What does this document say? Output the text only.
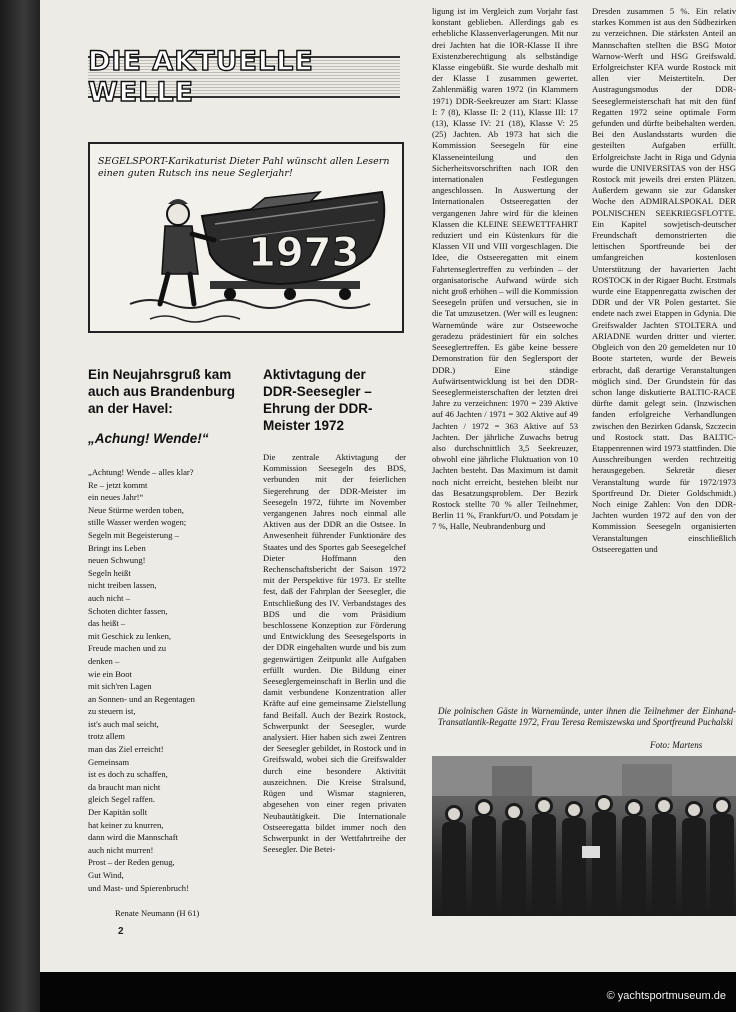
DIE AKTUELLE WELLE
SEGELSPORT-Karikaturist Dieter Pahl wünscht allen Lesern einen guten Rutsch ins neue Seglerjahr!
1973
Ein Neujahrsgruß kam auch aus Brandenburg an der Havel:
„Achung! Wende!“
„Achtung! Wende – alles klar?
Re – jetzt kommt
ein neues Jahr!“
Neue Stürme werden toben,
stille Wasser werden wogen;
Segeln mit Begeisterung –
Bringt ins Leben
neuen Schwung!
Segeln heißt
nicht treiben lassen,
auch nicht –
Schoten dichter fassen,
das heißt –
mit Geschick zu lenken,
Freude machen und zu
denken –
wie ein Boot
mit sich'ren Lagen
an Sonnen- und an Regentagen
zu steuern ist,
ist's auch mal seicht,
trotz allem
man das Ziel erreicht!
Gemeinsam
ist es doch zu schaffen,
da braucht man nicht
gleich Segel raffen.
Der Kapitän sollt
hat keiner zu knurren,
dann wird die Mannschaft
auch nicht murren!
Prost – der Reden genug,
Gut Wind,
und Mast- und Spierenbruch!
Renate Neumann (H 61)
Aktivtagung der DDR-Seesegler – Ehrung der DDR-Meister 1972
Die zentrale Aktivtagung der Kommission Seesegeln des BDS, verbunden mit der feierlichen Siegerehrung der DDR-Meister im Seesegeln 1972, führte im November vergangenen Jahres noch einmal alle Aktiven aus der DDR an die Ostsee. In Anwesenheit führender Funktionäre des Staates und des Sportes gab Seesegelchef Dieter Hoffmann den Rechenschaftsbericht der Saison 1972 mit der Perspektive für 1973. Er stellte fest, daß der Fahrplan der Seesegler, die Entschließung des IV. Verbandstages des BDS und die vom Präsidium beschlossene Konzeption zur Förderung und Entwicklung des Seesegelsports in der DDR eingehalten wurde und bis zum gegenwärtigen Zeitpunkt alle Aufgaben erfüllt wurden. Die Bildung einer Seeseglergemeinschaft in Berlin und die damit verbundene Konzentration aller Kräfte auf eine gemeinsame Zielstellung fand Beifall. Auch der Bezirk Rostock, Schwerpunkt der Seesegler, wurde analysiert. Hier haben sich zwei Zentren der Seesegler gebildet, in Rostock und in Greifswald, wobei sich die Greifswalder durch eine besondere Aktivität auszeichnen. Die Kreise Stralsund, Rügen und Wismar stagnieren, abgesehen von einer regen privaten Neubautätigkeit. Die Internationale Ostseeregatta bildet immer noch den Schwerpunkt in der Wettfahrtreihe der Seesegler. Die Betei-
ligung ist im Vergleich zum Vorjahr fast konstant geblieben. Allerdings gab es erhebliche Klassenverlagerungen. Mit nur drei Jachten hat die IOR-Klasse II ihre Existenzberechtigung als selbständige Klasse eingebüßt. Sie wurde deshalb mit der Klasse I zusammen gewertet. Zahlenmäßig waren 1972 (in Klammern 1971) DDR-Seekreuzer am Start: Klasse I: 7 (8), Klasse II: 2 (11), Klasse III: 17 (13), Klasse IV: 21 (18), Klasse V: 25 (25) Jachten. Ab 1973 hat sich die Kommission Seesegeln für eine Klasseneinteilung und den Sicherheitsvorschriften nach IOR den internationalen Festlegungen angeschlossen. In Auswertung der Internationalen Ostseeregatten der vergangenen Jahre wird für die kleinen Klassen die KLEINE SEEWETTFAHRT reduziert und ein Küstenkurs für die Klassen VII und VIII vorgeschlagen. Die Idee, die Ostseeregatten mit einem Fahrtenseglertreffen zu verbinden – der organisatorische Aufwand würde sich nicht groß erhöhen – will die Kommission Seesegeln prüfen und versuchen, sie in die Tat umzusetzen. (Wer will es leugnen: Warnemünde wäre zur Ostseewoche geradezu prädestiniert für ein solches Seeseglertreffen. Es gäbe keine bessere Demonstration für den Seglersport der DDR.) Eine ständige Aufwärtsentwicklung ist bei den DDR-Seeseglermeisterschaften der letzten drei Jahre zu verzeichnen: 1970 = 239 Aktive auf 46 Jachten / 1971 = 302 Aktive auf 49 Jachten / 1972 = 363 Aktive auf 53 Jachten. Der jährliche Zuwachs betrug also durchschnittlich 3,5 Seekreuzer, obwohl eine jährliche Fluktuation von 10 Jachten besteht. Das Maximum ist damit noch nicht erreicht, bestehen bleibt nur das Besatzungsproblem. Der Bezirk Rostock stellte 70 % aller Teilnehmer, Berlin 11 %, Frankfurt/O. und Potsdam je 7 %, Halle, Neubrandenburg und
Dresden zusammen 5 %. Ein relativ starkes Kommen ist aus den Südbezirken zu verzeichnen. Die stärksten Anteil an Mannschaften stellten die BSG Motor Warnow-Werft und HSG Greifswald. Erfolgreichster KFA wurde Rostock mit allen vier Meistertiteln. Der Austragungsmodus der DDR-Seeseglermeisterschaft hat mit den fünf Regatten 1972 seine optimale Form gefunden und dürfte beibehalten werden. Bei den Auslandsstarts wurden die gesteilten Aufgaben erfüllt. Erfolgreichste Jacht in Riga und Gdynia wurde die UNIVERSITAS von der HSG Rostock mit jeweils drei ersten Plätzen. Außerdem gewann sie zur Gdansker Woche den ADMIRALSPOKAL DER POLNISCHEN SEEKRIEGSFLOTTE. Ein Kapitel sowjetisch-deutscher Freundschaft demonstrierten die lettischen Sportfreunde bei der umfangreichen kostenlosen Unterstützung der havarierten Jacht ROSTOCK in der Rigaer Bucht. Erstmals wurde eine Etappenregatta zwischen der DDR und der VR Polen gestartet. Sie endete nach zwei Etappen in Gdynia. Die Greifswalder Jachten STOLTERA und ARIADNE wurden dritter und vierter. Obgleich von den 20 gemeldeten nur 10 Boote starteten, wurde der Beweis erbracht, daß derartige Veranstaltungen möglich sind. Der Grundstein für das schon lange diskutierte BALTIC-RACE dürfte damit gelegt sein. (Inzwischen fanden erfolgreiche Verhandlungen zwischen den Bezirken Gdansk, Szczecin und Rostock statt. Das BALTIC-Etappenrennen wird 1973 stattfinden. Die Ausschreibungen werden rechtzeitig herausgegeben. Sekretär dieser Veranstaltung wurde für 1972/1973 Sportfreund Dr. Dieter Goldschmidt.) Noch einige Zahlen: Von den DDR-Jachten wurden 1972 auf den von der Kommission Seesegeln organisierten Veranstaltungen einschließlich Ostseeregatten und
Die polnischen Gäste in Warnemünde, unter ihnen die Teilnehmer der Einhand-Transatlantik-Regatte 1972, Frau Teresa Remiszewska und Sportfreund Puchalski
Foto: Martens
2
© yachtsportmuseum.de
